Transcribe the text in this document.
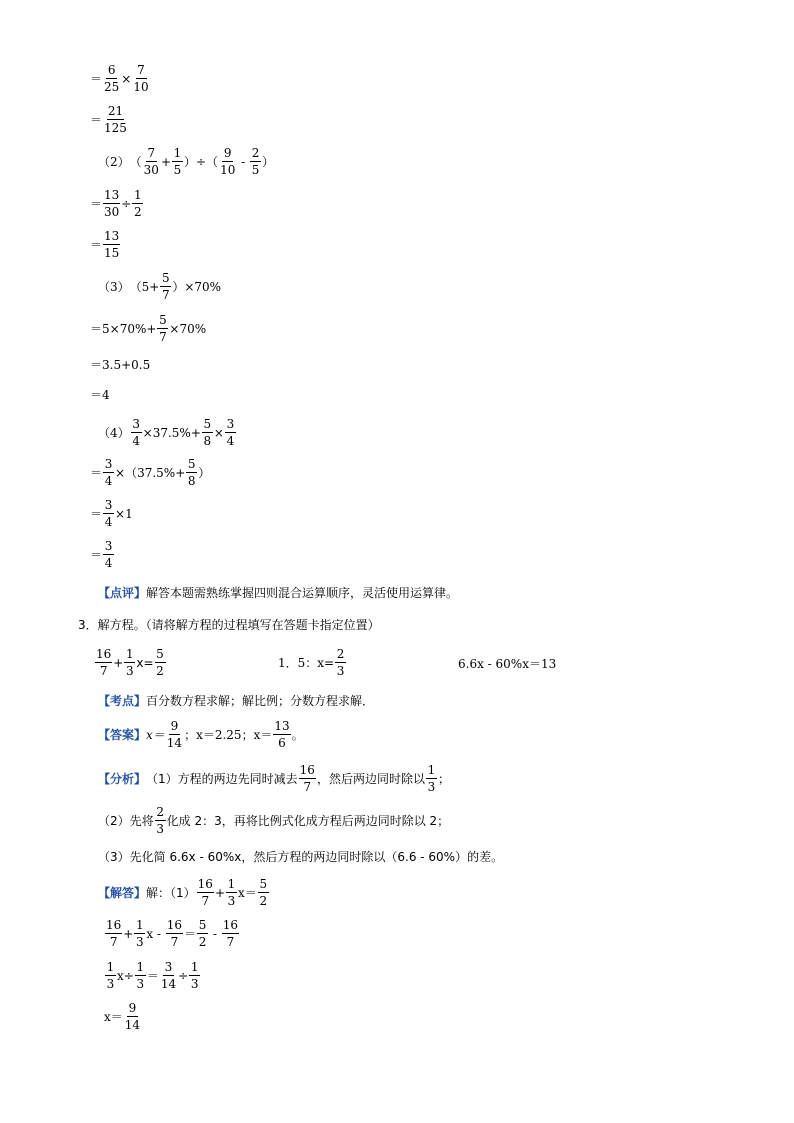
＝ $\frac{6}{25} \times \frac{7}{10}$
＝
21
125
（2） （
7
30
+ $\frac{1}{5}$ ）÷（
9
10
-
2
5
）
＝ $\frac{13}{30} \div \frac{1}{2}$
＝
13
15
（3） $(5+ \frac{5}{7} )\times 70\%$
$=5\times 70\%+ \frac{5}{7} \times 70\%$
＝3.5+0.5
＝4
$(4) \frac{3}{4} \times 37.5\%+ \frac{5}{8} \times \frac{3}{4}$
＝ $\frac{3}{4} \times(37.5\%+ \frac{5}{8}$ ）
＝ $\frac{3}{4} \times 1$
＝
3
4
【点评】 解答本题需熟练掌握四则混合运算顺序，灵活使用运算律。
3．解方程。（请将解方程的过程填写在答题卡指定位置）
16
7
+ $\frac{1}{3} x= \frac{5}{2}$	1．5：$x= \frac{2}{3}$	6.6x - 60%x＝13
【考点】 百分数方程求解；解比例；分数方程求解．
【答案】 x＝
9
14
；x＝2.25；x＝
13
6
。
【分析】 （1）方程的两边先同时减去
16
7
，然后两边同时除以
1
3
；
（2）先将
2
3
化成 2：3，再将比例式化成方程后两边同时除以 2；
（3）先化简 6.6x - 60%x，然后方程的两边同时除以（6.6 - 60%）的差。
【解答】 解：（1）
16
7
+ $\frac{1}{3} x=$
5
2
16
7
+ $\frac{1}{3}$ x -
16
7
＝
5
2
-
16
7
1
3
$x\div \frac{1}{3} = \frac{3}{14} \div \frac{1}{3}$
x＝
9
14
